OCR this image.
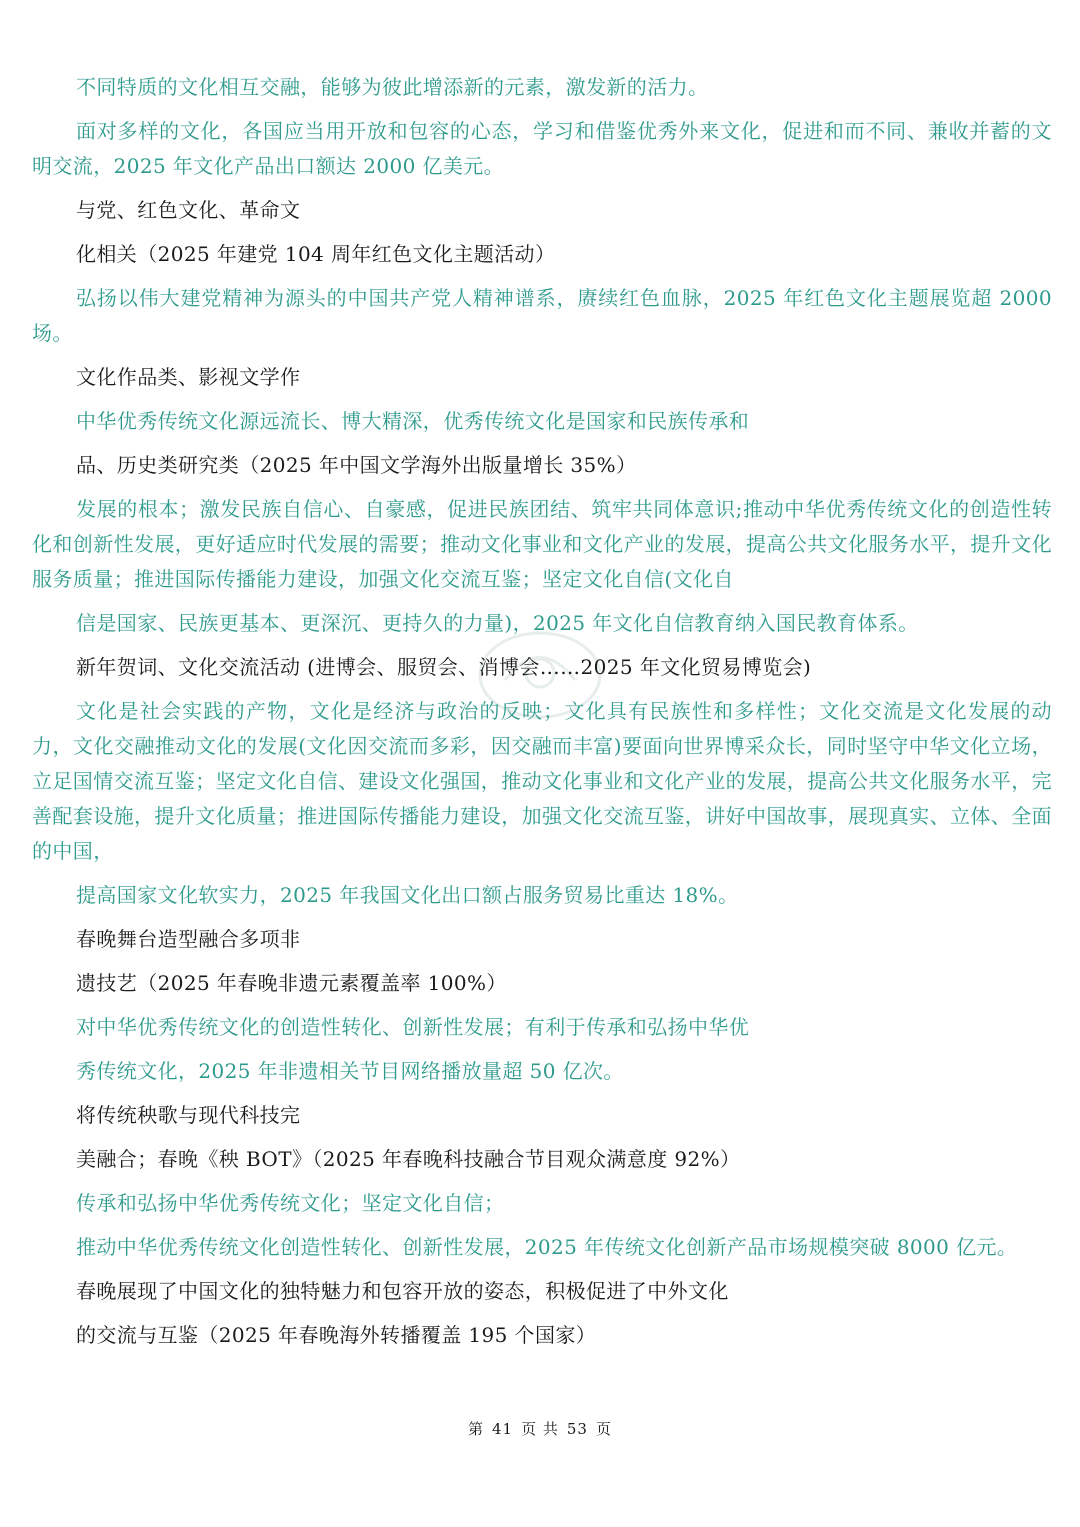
不同特质的文化相互交融，能够为彼此增添新的元素，激发新的活力。

面对多样的文化，各国应当用开放和包容的心态，学习和借鉴优秀外来文化，促进和而不同、兼收并蓄的文明交流，2025 年文化产品出口额达 2000 亿美元。

与党、红色文化、革命文

化相关（2025 年建党 104 周年红色文化主题活动）

弘扬以伟大建党精神为源头的中国共产党人精神谱系，赓续红色血脉，2025 年红色文化主题展览超 2000 场。

文化作品类、影视文学作

中华优秀传统文化源远流长、博大精深，优秀传统文化是国家和民族传承和

品、历史类研究类（2025 年中国文学海外出版量增长 35%）

发展的根本；激发民族自信心、自豪感，促进民族团结、筑牢共同体意识;推动中华优秀传统文化的创造性转化和创新性发展，更好适应时代发展的需要；推动文化事业和文化产业的发展，提高公共文化服务水平，提升文化服务质量；推进国际传播能力建设，加强文化交流互鉴；坚定文化自信(文化自

信是国家、民族更基本、更深沉、更持久的力量)，2025 年文化自信教育纳入国民教育体系。

新年贺词、文化交流活动 (进博会、服贸会、消博会……2025 年文化贸易博览会)

文化是社会实践的产物，文化是经济与政治的反映；文化具有民族性和多样性；文化交流是文化发展的动力，文化交融推动文化的发展(文化因交流而多彩，因交融而丰富)要面向世界博采众长，同时坚守中华文化立场，立足国情交流互鉴；坚定文化自信、建设文化强国，推动文化事业和文化产业的发展，提高公共文化服务水平，完善配套设施，提升文化质量；推进国际传播能力建设，加强文化交流互鉴，讲好中国故事，展现真实、立体、全面的中国，

提高国家文化软实力，2025 年我国文化出口额占服务贸易比重达 18%。

春晚舞台造型融合多项非

遗技艺（2025 年春晚非遗元素覆盖率 100%）

对中华优秀传统文化的创造性转化、创新性发展；有利于传承和弘扬中华优

秀传统文化，2025 年非遗相关节目网络播放量超 50 亿次。

将传统秧歌与现代科技完

美融合；春晚《秧 BOT》（2025 年春晚科技融合节目观众满意度 92%）

传承和弘扬中华优秀传统文化；坚定文化自信；

推动中华优秀传统文化创造性转化、创新性发展，2025 年传统文化创新产品市场规模突破 8000 亿元。

春晚展现了中国文化的独特魅力和包容开放的姿态，积极促进了中外文化

的交流与互鉴（2025 年春晚海外转播覆盖 195 个国家）

第 41 页 共 53 页
